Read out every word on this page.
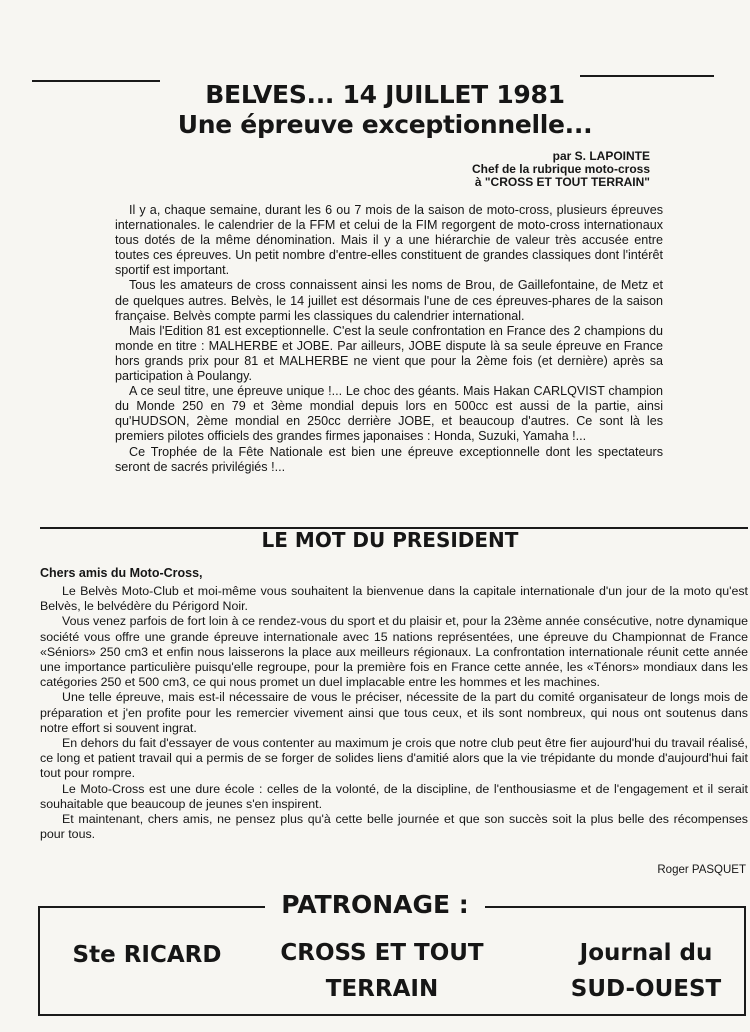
BELVES... 14 JUILLET 1981
Une épreuve exceptionnelle...
par S. LAPOINTE
Chef de la rubrique moto-cross
à "CROSS ET TOUT TERRAIN"

Il y a, chaque semaine, durant les 6 ou 7 mois de la saison de moto-cross, plusieurs épreuves internationales. le calendrier de la FFM et celui de la FIM regorgent de moto-cross internationaux tous dotés de la même dénomination. Mais il y a une hiérarchie de valeur très accusée entre toutes ces épreuves. Un petit nombre d'entre-elles constituent de grandes classiques dont l'intérêt sportif est important.

Tous les amateurs de cross connaissent ainsi les noms de Brou, de Gaillefontaine, de Metz et de quelques autres. Belvès, le 14 juillet est désormais l'une de ces épreuves-phares de la saison française. Belvès compte parmi les classiques du calendrier international.

Mais l'Edition 81 est exceptionnelle. C'est la seule confrontation en France des 2 champions du monde en titre : MALHERBE et JOBE. Par ailleurs, JOBE dispute là sa seule épreuve en France hors grands prix pour 81 et MALHERBE ne vient que pour la 2ème fois (et dernière) après sa participation à Poulangy.

A ce seul titre, une épreuve unique !... Le choc des géants. Mais Hakan CARLQVIST champion du Monde 250 en 79 et 3ème mondial depuis lors en 500cc est aussi de la partie, ainsi qu'HUDSON, 2ème mondial en 250cc derrière JOBE, et beaucoup d'autres. Ce sont là les premiers pilotes officiels des grandes firmes japonaises : Honda, Suzuki, Yamaha !...

Ce Trophée de la Fête Nationale est bien une épreuve exceptionnelle dont les spectateurs seront de sacrés privilégiés !...

LE MOT DU PRESIDENT
Chers amis du Moto-Cross,

Le Belvès Moto-Club et moi-même vous souhaitent la bienvenue dans la capitale internationale d'un jour de la moto qu'est Belvès, le belvédère du Périgord Noir.

Vous venez parfois de fort loin à ce rendez-vous du sport et du plaisir et, pour la 23ème année consécutive, notre dynamique société vous offre une grande épreuve internationale avec 15 nations représentées, une épreuve du Championnat de France «Séniors» 250 cm3 et enfin nous laisserons la place aux meilleurs régionaux. La confrontation internationale réunit cette année une importance particulière puisqu'elle regroupe, pour la première fois en France cette année, les «Ténors» mondiaux dans les catégories 250 et 500 cm3, ce qui nous promet un duel implacable entre les hommes et les machines.

Une telle épreuve, mais est-il nécessaire de vous le préciser, nécessite de la part du comité organisateur de longs mois de préparation et j'en profite pour les remercier vivement ainsi que tous ceux, et ils sont nombreux, qui nous ont soutenus dans notre effort si souvent ingrat.

En dehors du fait d'essayer de vous contenter au maximum je crois que notre club peut être fier aujourd'hui du travail réalisé, ce long et patient travail qui a permis de se forger de solides liens d'amitié alors que la vie trépidante du monde d'aujourd'hui fait tout pour rompre.

Le Moto-Cross est une dure école : celles de la volonté, de la discipline, de l'enthousiasme et de l'engagement et il serait souhaitable que beaucoup de jeunes s'en inspirent.

Et maintenant, chers amis, ne pensez plus qu'à cette belle journée et que son succès soit la plus belle des récompenses pour tous.

Roger PASQUET
PATRONAGE :
Ste RICARD	CROSS ET TOUT
TERRAIN
Journal du
SUD-OUEST
